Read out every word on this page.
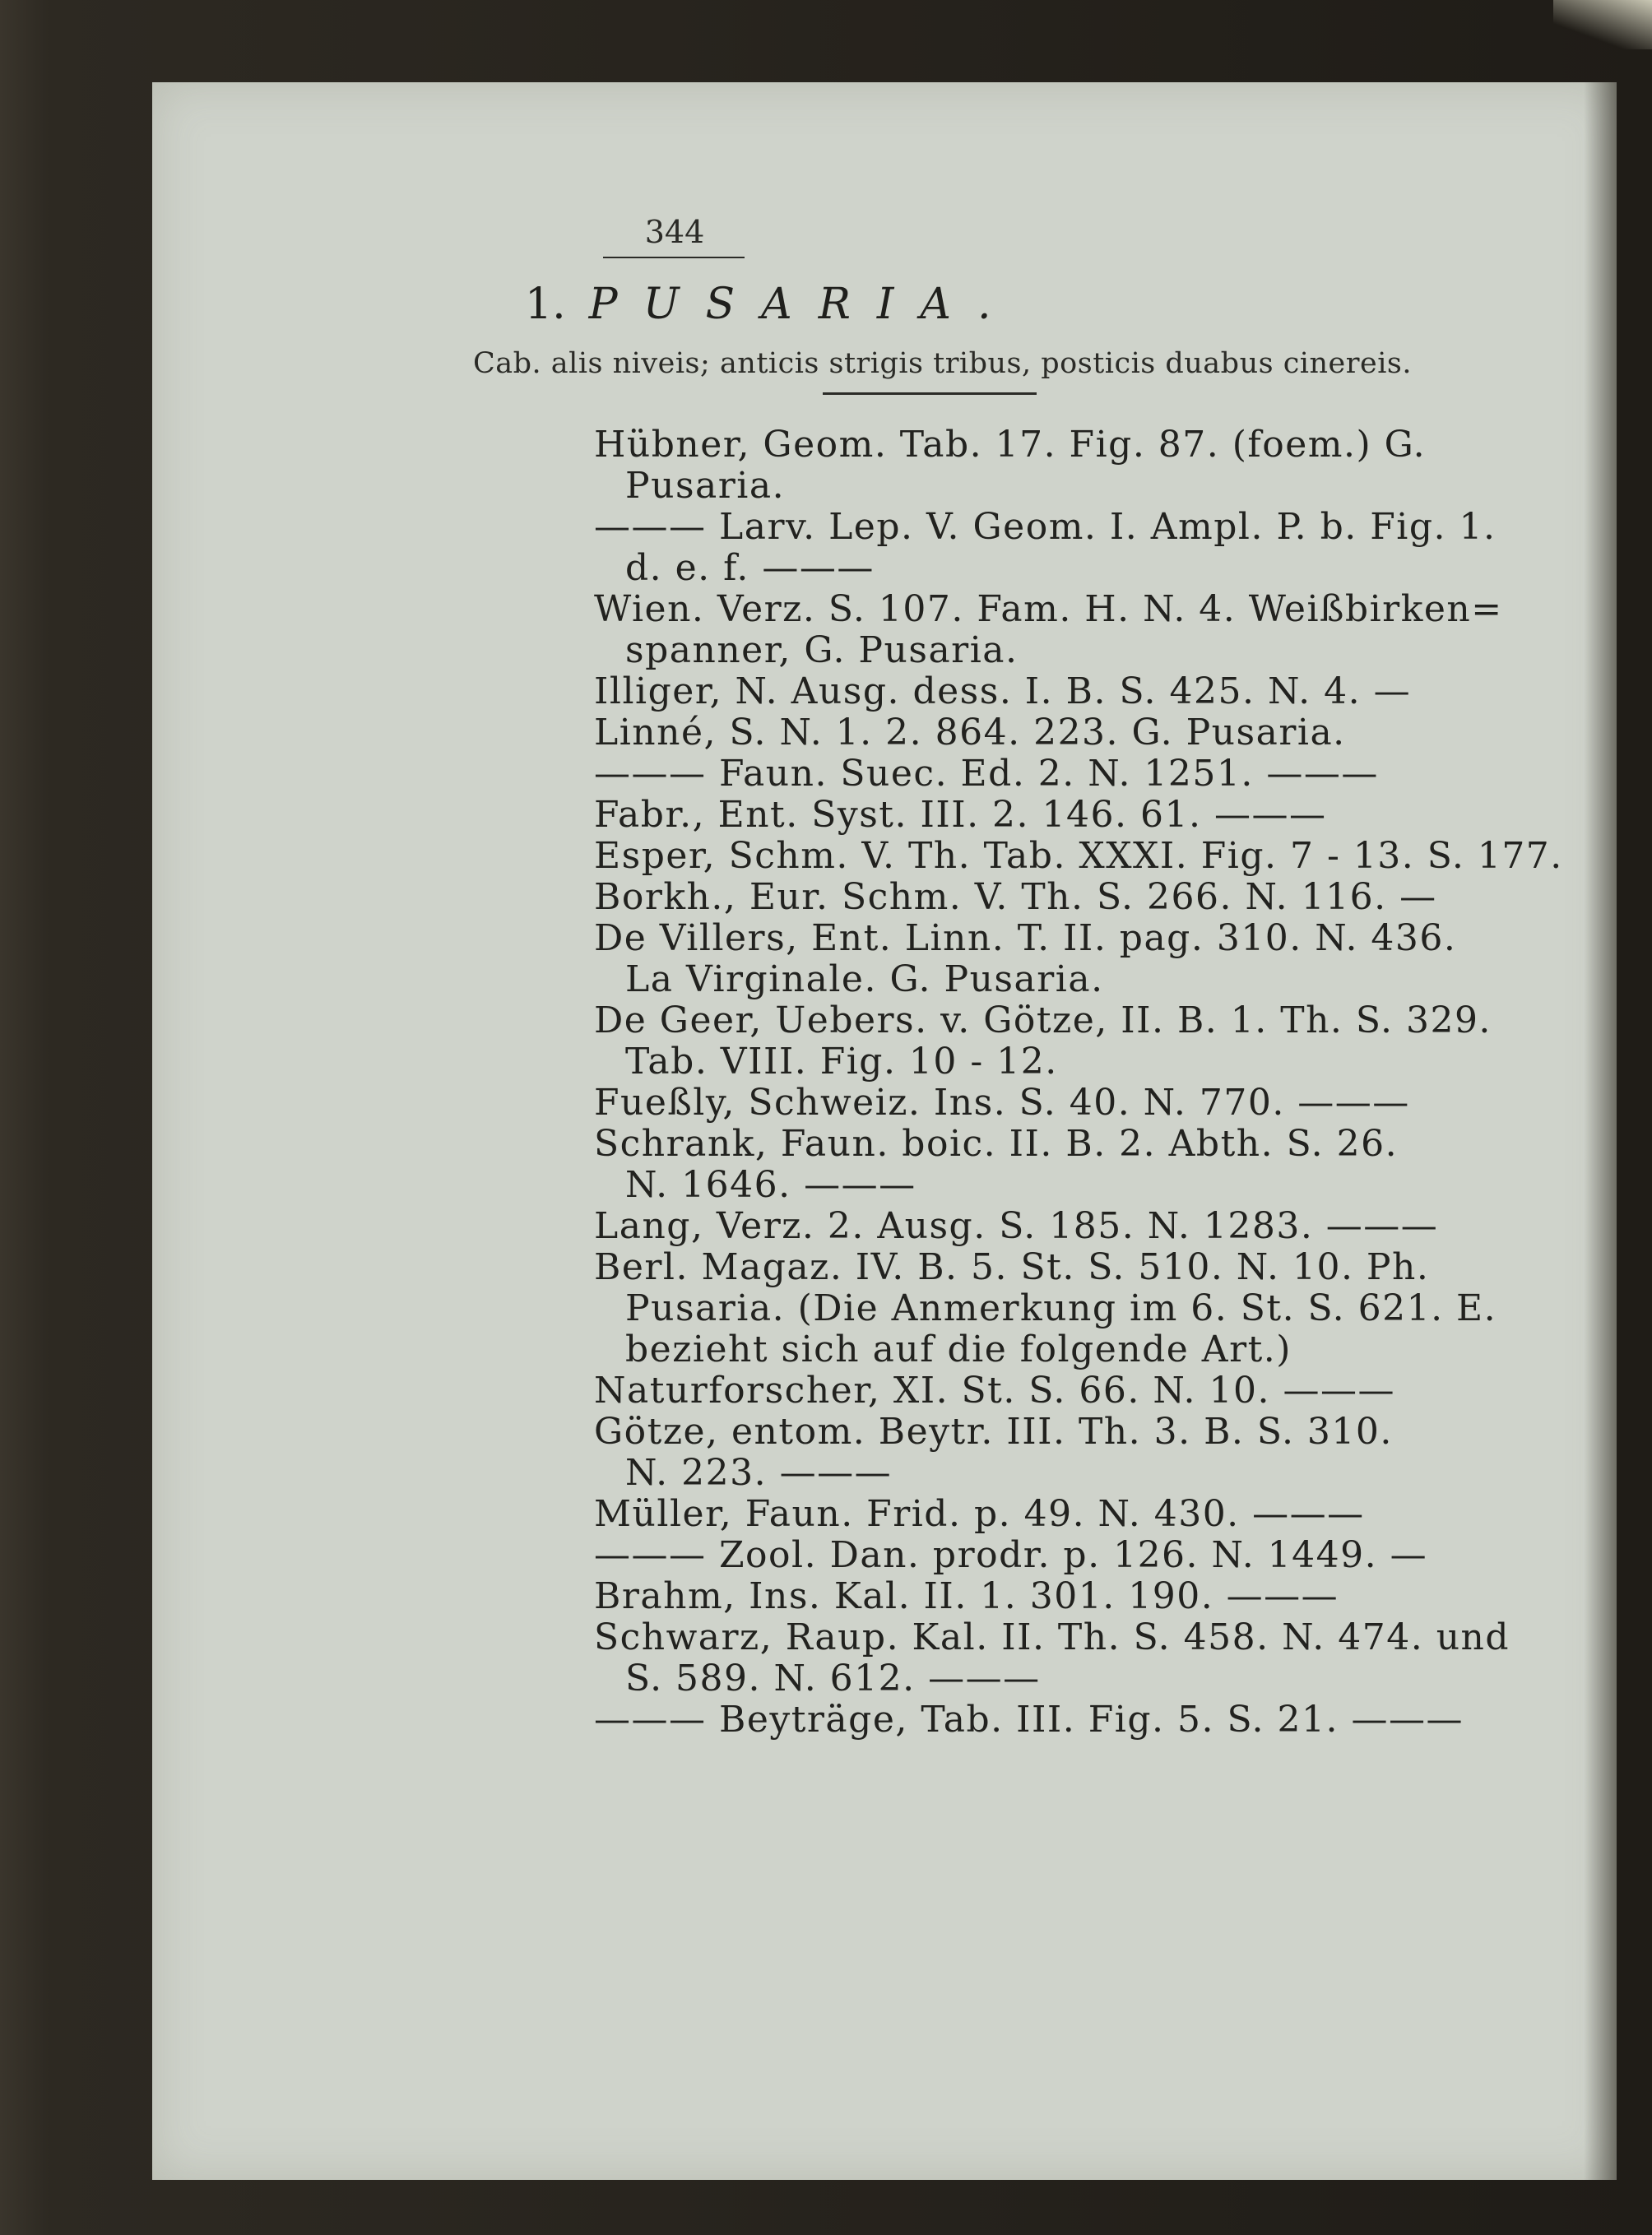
344
1. PUSARIA.
Cab. alis niveis; anticis strigis tribus, posticis duabus cinereis.
Hübner, Geom. Tab. 17. Fig. 87. (foem.) G.
Pusaria.
——— Larv. Lep. V. Geom. I. Ampl. P. b. Fig. 1.
d. e. f. ———
Wien. Verz. S. 107. Fam. H. N. 4. Weißbirken=
spanner, G. Pusaria.
Illiger, N. Ausg. dess. I. B. S. 425. N. 4. —
Linné, S. N. 1. 2. 864. 223. G. Pusaria.
——— Faun. Suec. Ed. 2. N. 1251. ———
Fabr., Ent. Syst. III. 2. 146. 61. ———
Esper, Schm. V. Th. Tab. XXXI. Fig. 7 - 13. S. 177.
Borkh., Eur. Schm. V. Th. S. 266. N. 116. —
De Villers, Ent. Linn. T. II. pag. 310. N. 436.
La Virginale. G. Pusaria.
De Geer, Uebers. v. Götze, II. B. 1. Th. S. 329.
Tab. VIII. Fig. 10 - 12.
Fueßly, Schweiz. Ins. S. 40. N. 770. ———
Schrank, Faun. boic. II. B. 2. Abth. S. 26.
N. 1646. ———
Lang, Verz. 2. Ausg. S. 185. N. 1283. ———
Berl. Magaz. IV. B. 5. St. S. 510. N. 10. Ph.
Pusaria. (Die Anmerkung im 6. St. S. 621. E.
bezieht sich auf die folgende Art.)
Naturforscher, XI. St. S. 66. N. 10. ———
Götze, entom. Beytr. III. Th. 3. B. S. 310.
N. 223. ———
Müller, Faun. Frid. p. 49. N. 430. ———
——— Zool. Dan. prodr. p. 126. N. 1449. —
Brahm, Ins. Kal. II. 1. 301. 190. ———
Schwarz, Raup. Kal. II. Th. S. 458. N. 474. und
S. 589. N. 612. ———
——— Beyträge, Tab. III. Fig. 5. S. 21. ———
